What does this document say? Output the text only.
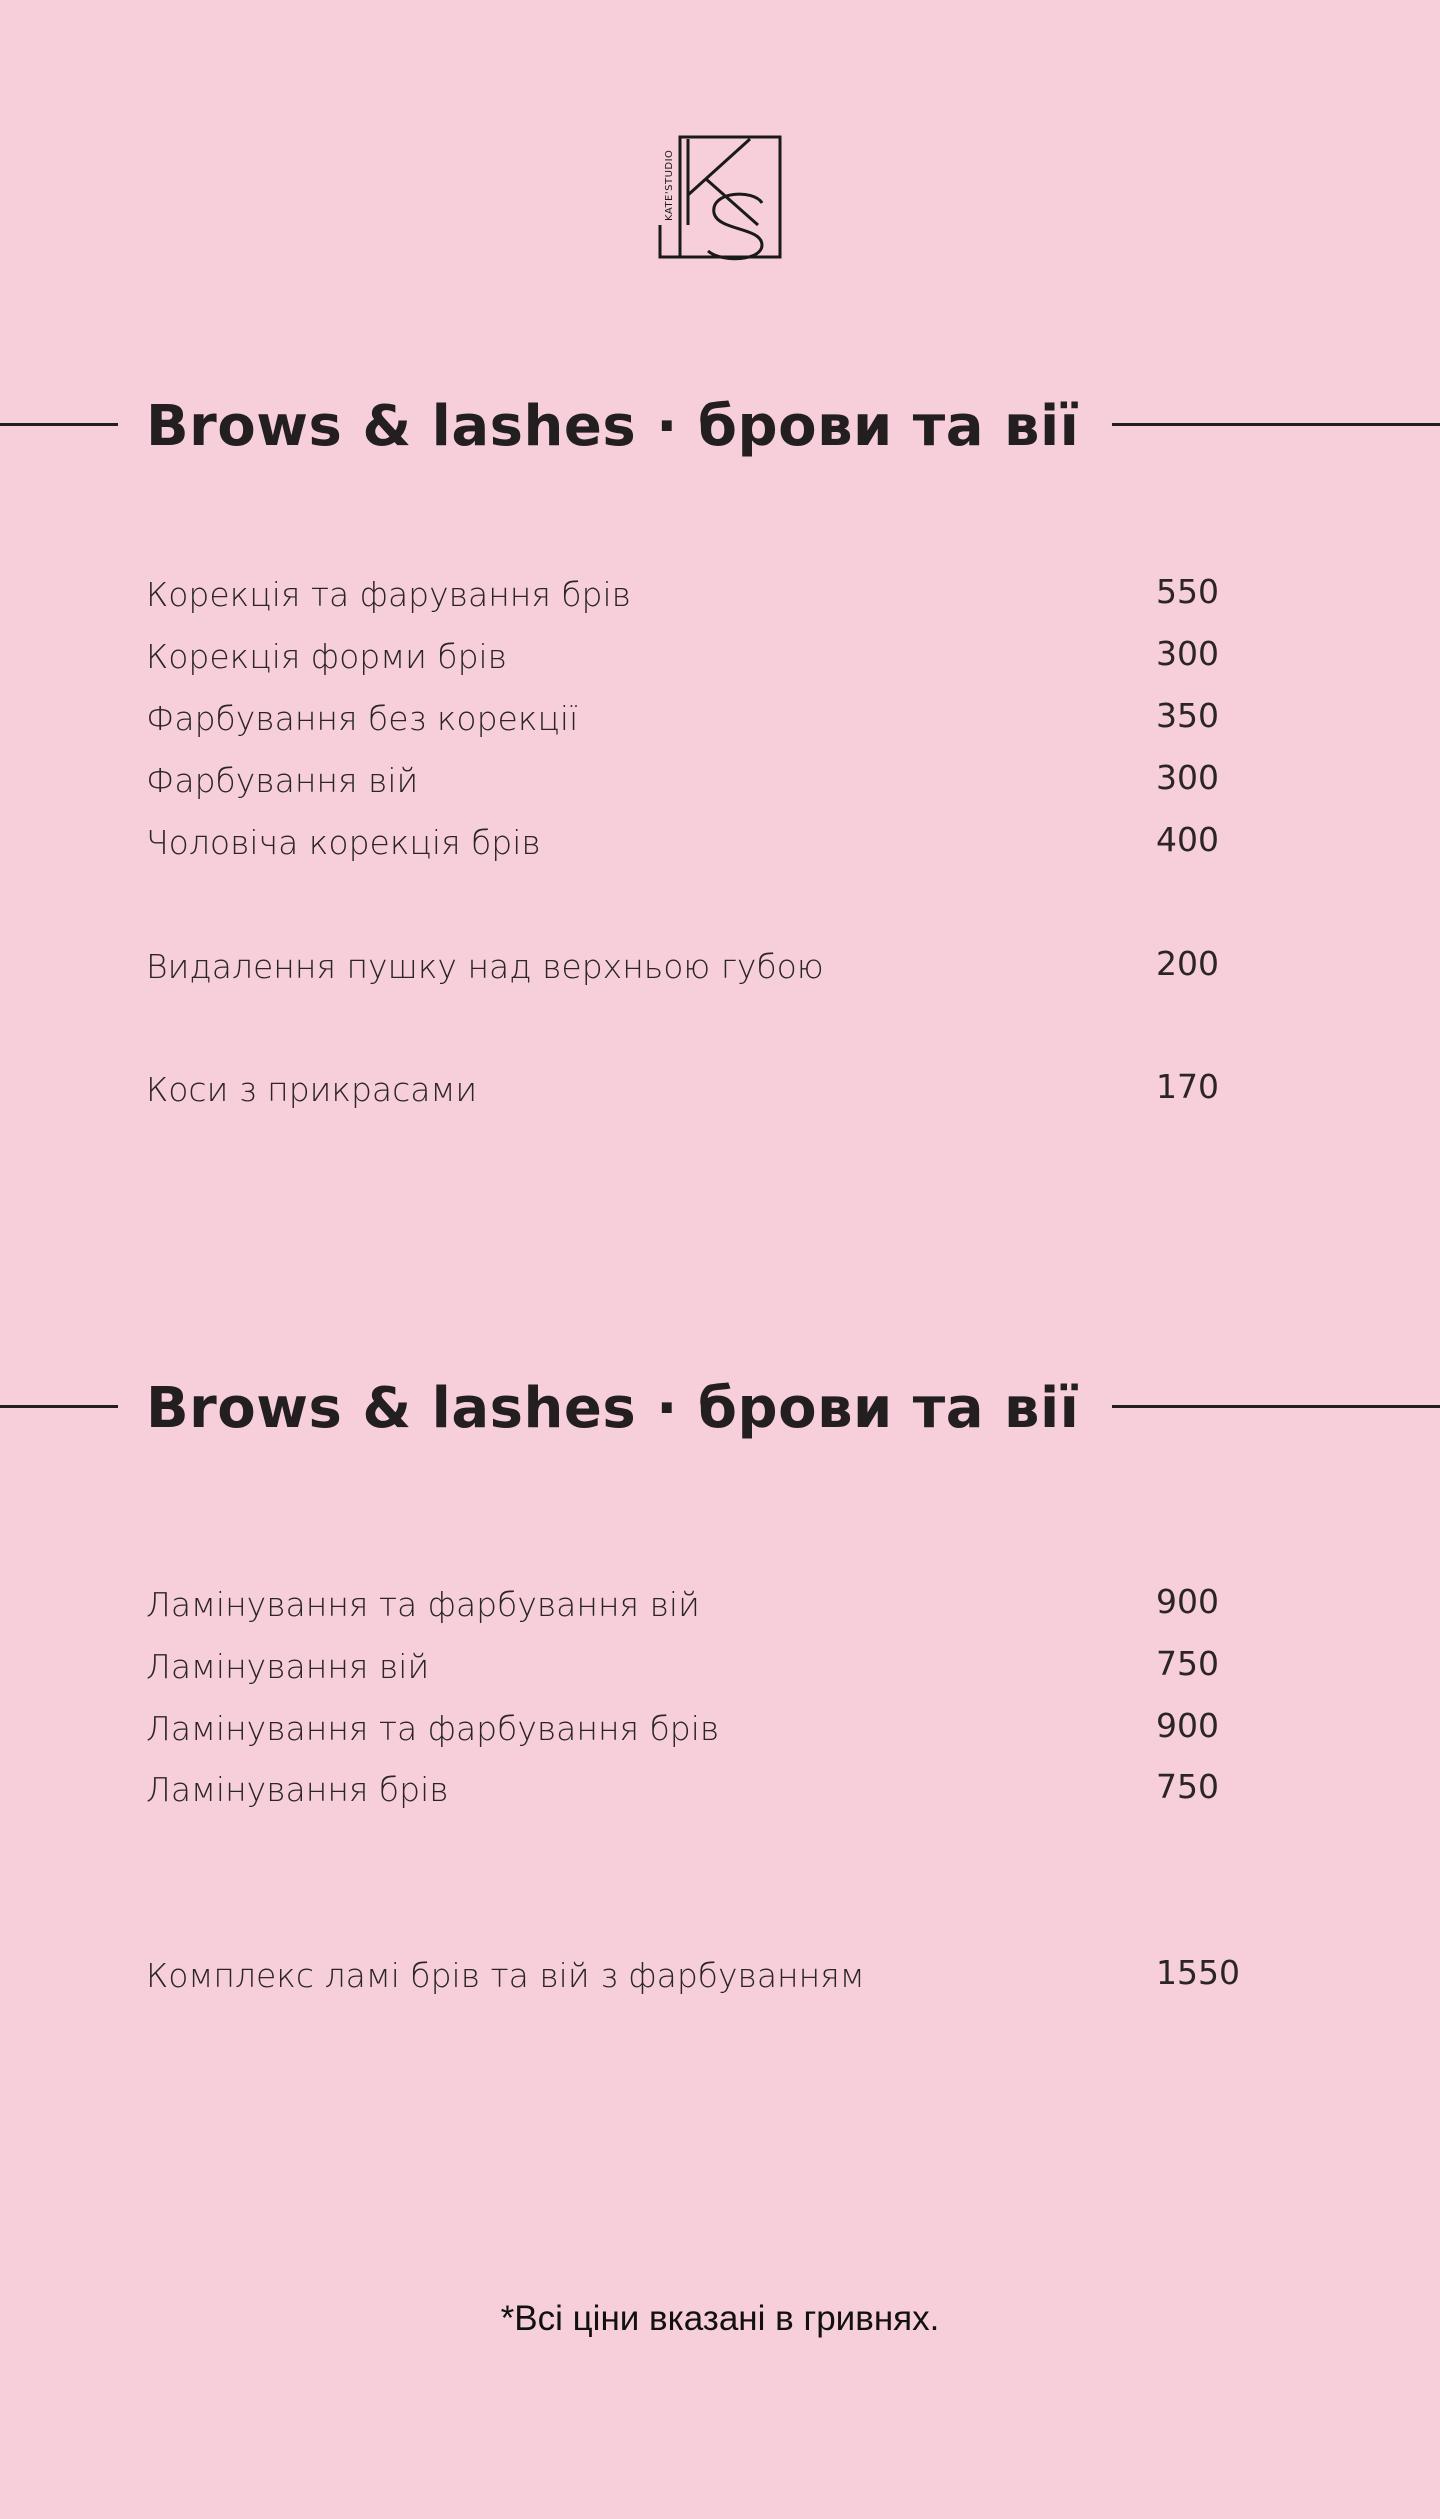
KATE'STUDIO
Brows & lashes · брови та вії
Корекція та фарування брів	550
Корекція форми брів	300
Фарбування без корекції	350
Фарбування вій	300
Чоловіча корекція брів	400
Видалення пушку над верхньою губою	200
Коси з прикрасами	170
Brows & lashes · брови та вії
Ламінування та фарбування вій	900
Ламінування вій	750
Ламінування та фарбування брів	900
Ламінування брів	750
Комплекс ламі брів та вій з фарбуванням	1550
*Всі ціни вказані в гривнях.
